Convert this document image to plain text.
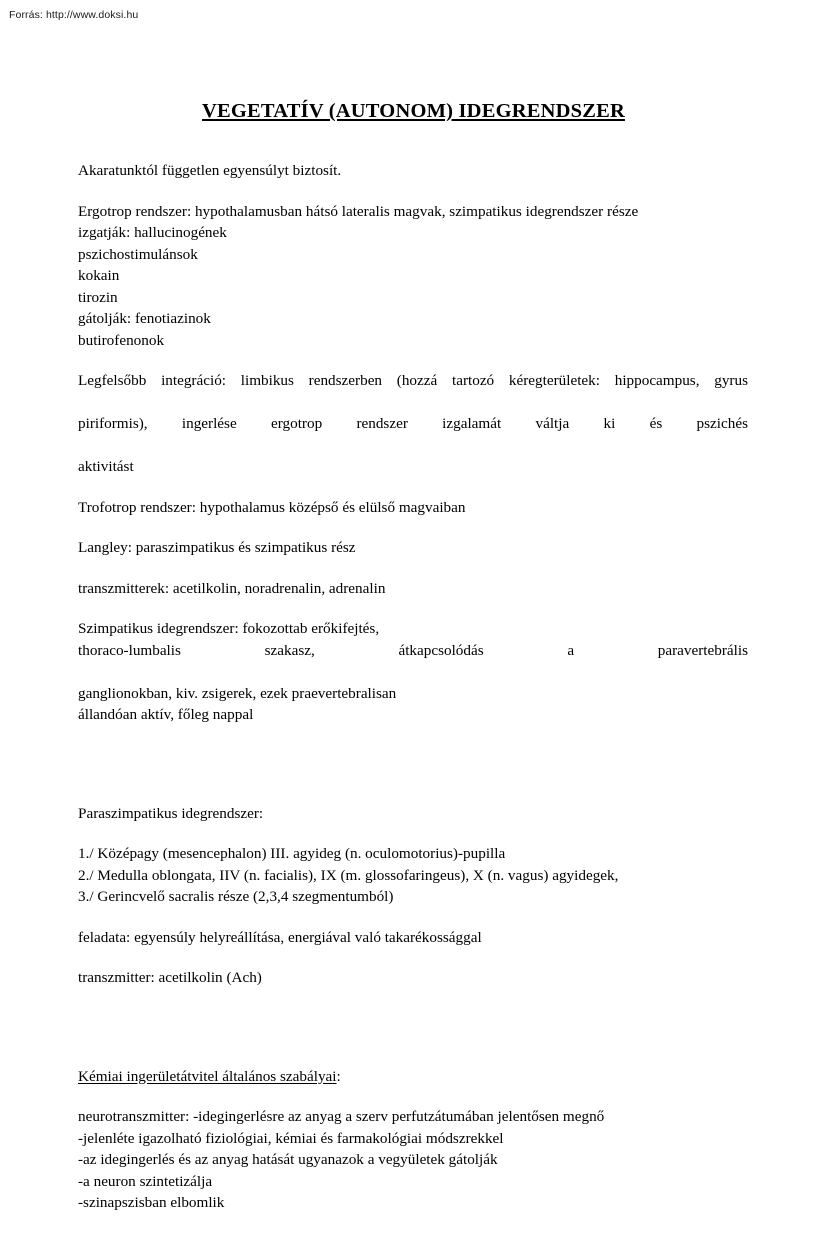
Forrás: http://www.doksi.hu
VEGETATÍV (AUTONOM) IDEGRENDSZER

Akaratunktól független egyensúlyt biztosít.

Ergotrop rendszer: hypothalamusban hátsó lateralis magvak, szimpatikus idegrendszer része

izgatják: hallucinogének

pszichostimulánsok

kokain

tirozin

gátolják: fenotiazinok

butirofenonok

Legfelsőbb integráció: limbikus rendszerben (hozzá tartozó kéregterületek: hippocampus, gyrus

piriformis), ingerlése ergotrop rendszer izgalamát váltja ki és pszichés

aktivitást

Trofotrop rendszer: hypothalamus középső és elülső magvaiban

Langley: paraszimpatikus és szimpatikus rész

transzmitterek: acetilkolin, noradrenalin, adrenalin

Szimpatikus idegrendszer: fokozottab erőkifejtés,

thoraco-lumbalis szakasz, átkapcsolódás a paravertebrális

ganglionokban, kiv. zsigerek, ezek praevertebralisan

állandóan aktív, főleg nappal

Paraszimpatikus idegrendszer:

1./ Középagy (mesencephalon) III. agyideg (n. oculomotorius)-pupilla

2./ Medulla oblongata, IIV (n. facialis), IX (m. glossofaringeus), X (n. vagus) agyidegek,

3./ Gerincvelő sacralis része (2,3,4 szegmentumból)

feladata: egyensúly helyreállítása, energiával való takarékossággal

transzmitter: acetilkolin (Ach)

Kémiai ingerületátvitel általános szabályai:

neurotranszmitter: -idegingerlésre az anyag a szerv perfutzátumában jelentősen megnő

-jelenléte igazolható fiziológiai, kémiai és farmakológiai módszrekkel

-az idegingerlés és az anyag hatását ugyanazok a vegyületek gátolják

-a neuron szintetizálja

-szinapszisban elbomlik
